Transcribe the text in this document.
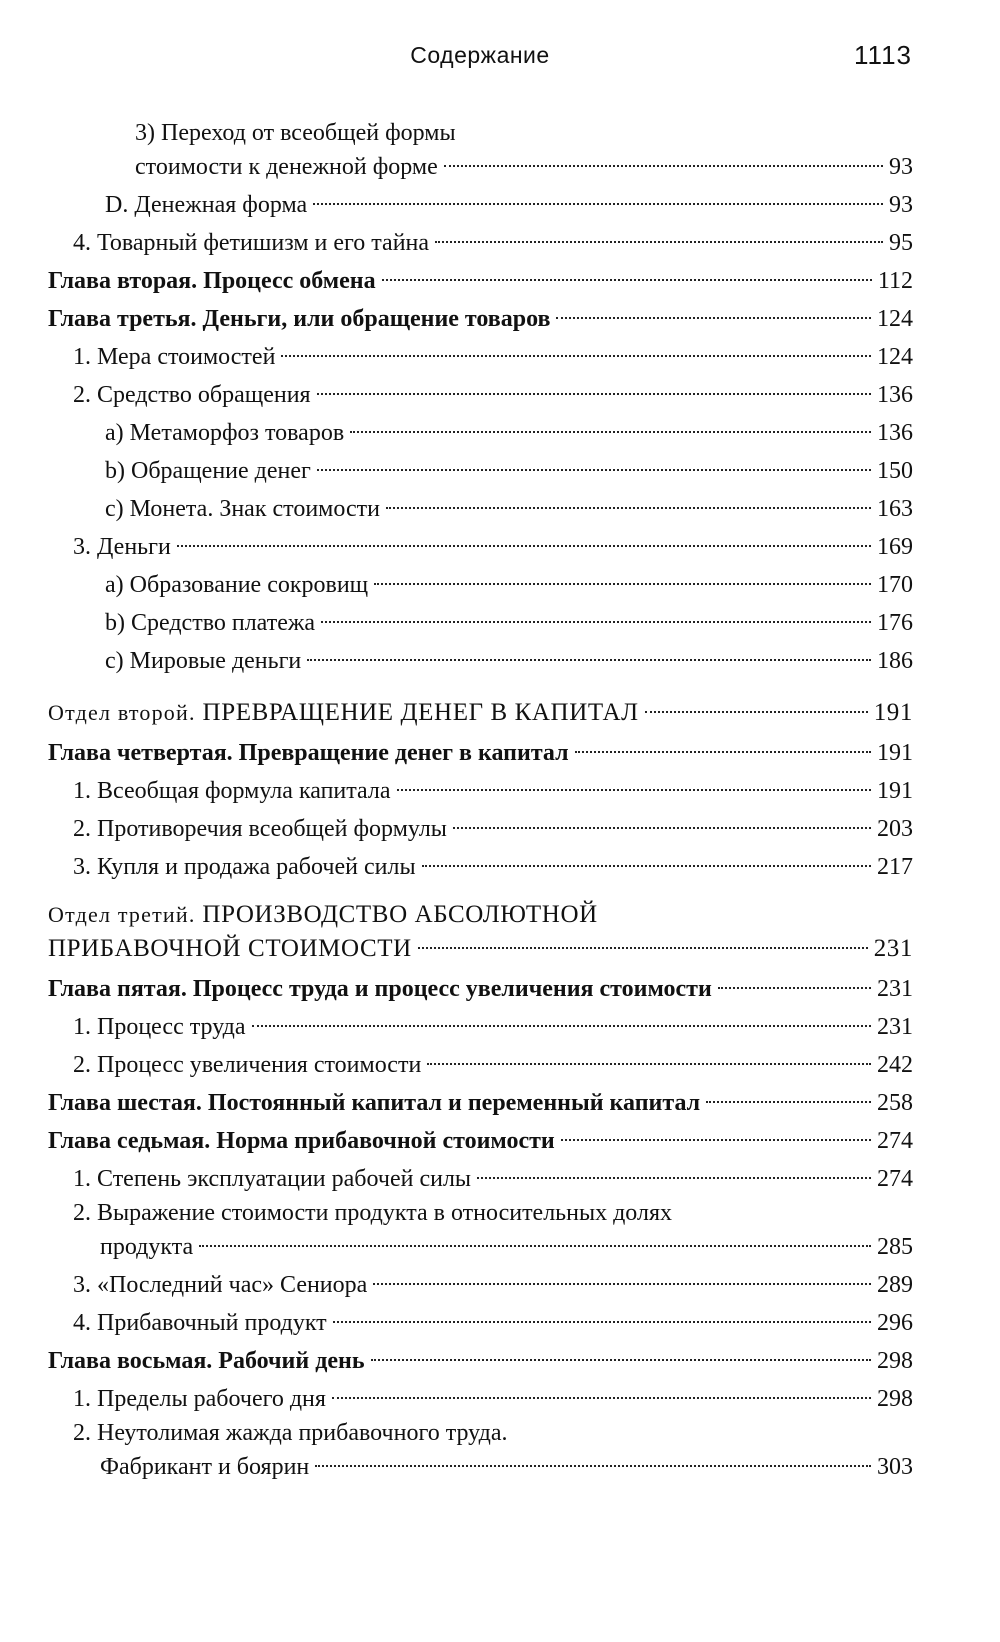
Содержание	1113
3) Переход от всеобщей формы
стоимости к денежной форме	93
D. Денежная форма	93
4. Товарный фетишизм и его тайна	95
Глава вторая. Процесс обмена	112
Глава третья. Деньги, или обращение товаров	124
1. Мера стоимостей	124
2. Средство обращения	136
a) Метаморфоз товаров	136
b) Обращение денег	150
c) Монета. Знак стоимости	163
3. Деньги	169
a) Образование сокровищ	170
b) Средство платежа	176
c) Мировые деньги	186
Отдел второй. ПРЕВРАЩЕНИЕ ДЕНЕГ В КАПИТАЛ	191
Глава четвертая. Превращение денег в капитал	191
1. Всеобщая формула капитала	191
2. Противоречия всеобщей формулы	203
3. Купля и продажа рабочей силы	217
Отдел третий. ПРОИЗВОДСТВО АБСОЛЮТНОЙ
ПРИБАВОЧНОЙ СТОИМОСТИ	231
Глава пятая. Процесс труда и процесс увеличения стоимости	231
1. Процесс труда	231
2. Процесс увеличения стоимости	242
Глава шестая. Постоянный капитал и переменный капитал	258
Глава седьмая. Норма прибавочной стоимости	274
1. Степень эксплуатации рабочей силы	274
2. Выражение стоимости продукта в относительных долях
продукта	285
3. «Последний час» Сениора	289
4. Прибавочный продукт	296
Глава восьмая. Рабочий день	298
1. Пределы рабочего дня	298
2. Неутолимая жажда прибавочного труда.
Фабрикант и боярин	303
